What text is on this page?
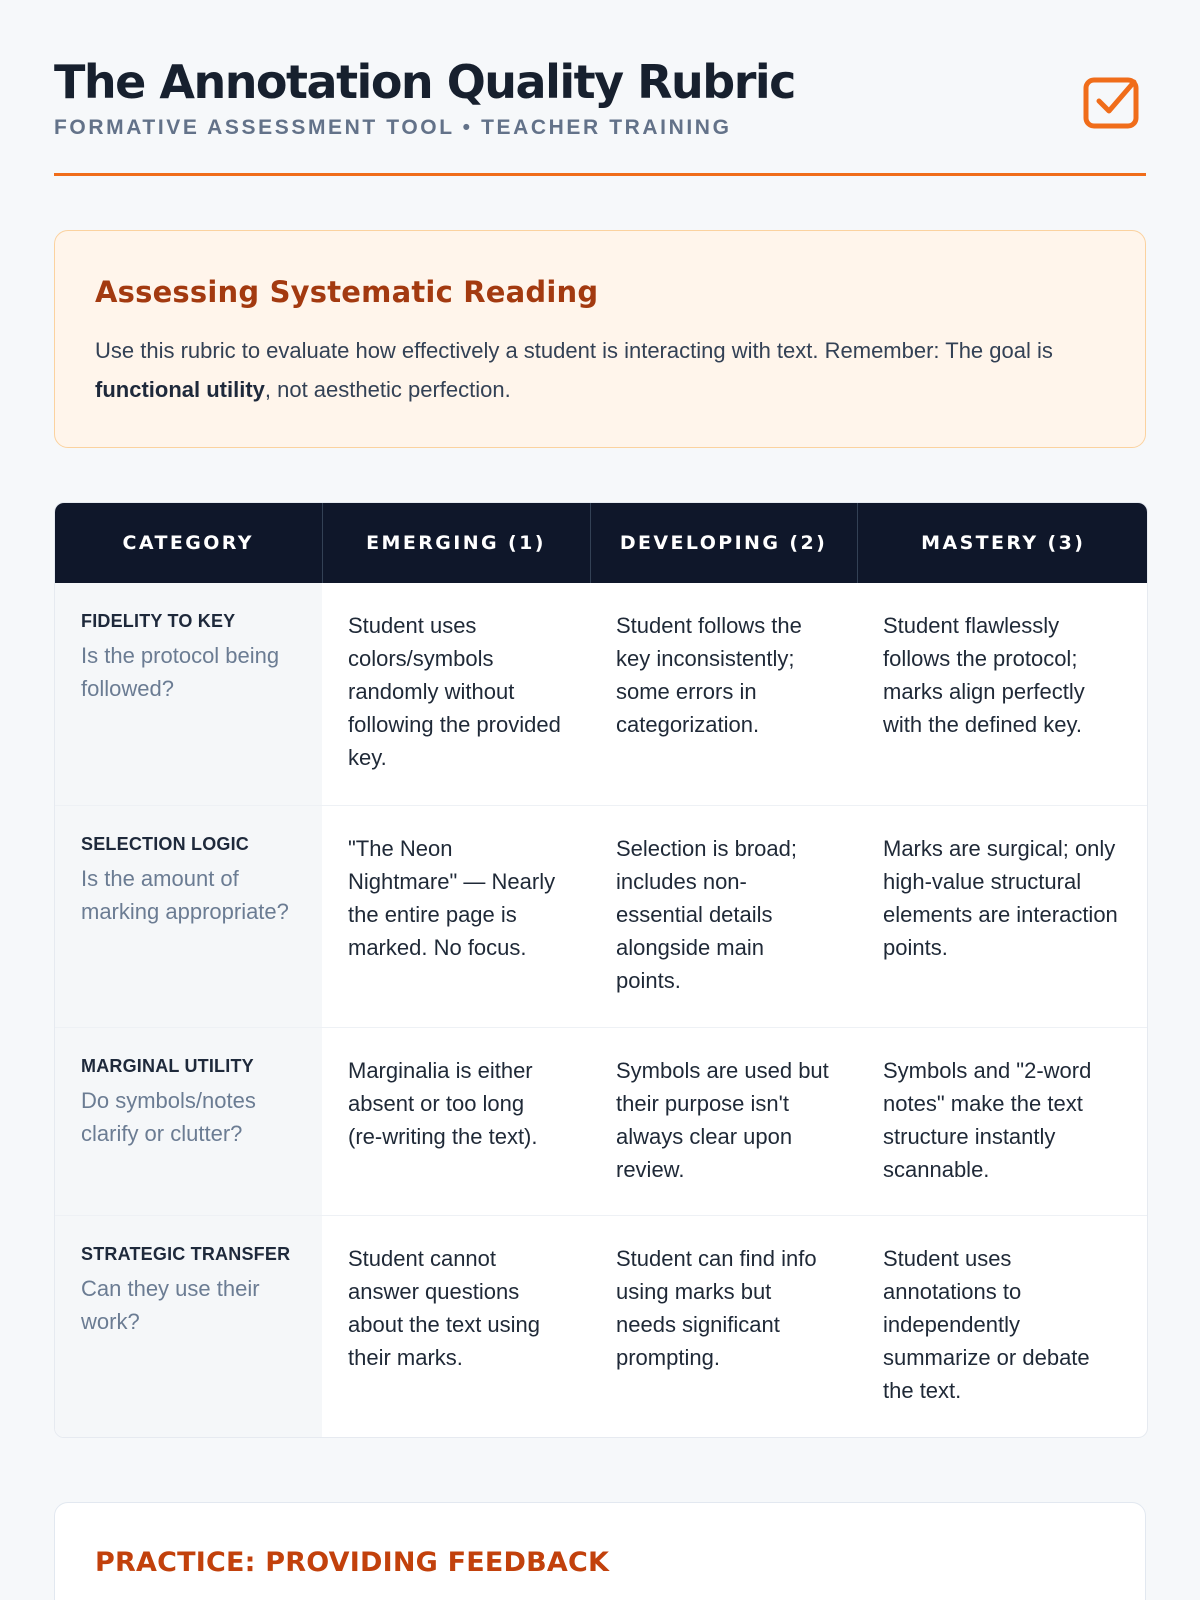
The Annotation Quality Rubric
FORMATIVE ASSESSMENT TOOL • TEACHER TRAINING
Assessing Systematic Reading

Use this rubric to evaluate how effectively a student is interacting with text. Remember: The goal is functional utility, not aesthetic perfection.

CATEGORY	EMERGING (1)	DEVELOPING (2)	MASTERY (3)

FIDELITY TO KEY
Is the protocol being followed?	Student uses colors/symbols randomly without following the provided key.	Student follows the key inconsistently; some errors in categorization.	Student flawlessly follows the protocol; marks align perfectly with the defined key.

SELECTION LOGIC
Is the amount of marking appropriate?	"The Neon Nightmare" — Nearly the entire page is marked. No focus.	Selection is broad; includes non-essential details alongside main points.	Marks are surgical; only high-value structural elements are interaction points.

MARGINAL UTILITY
Do symbols/notes clarify or clutter?	Marginalia is either absent or too long (re-writing the text).	Symbols are used but their purpose isn't always clear upon review.	Symbols and "2-word notes" make the text structure instantly scannable.

STRATEGIC TRANSFER
Can they use their work?	Student cannot answer questions about the text using their marks.	Student can find info using marks but needs significant prompting.	Student uses annotations to independently summarize or debate the text.
PRACTICE: PROVIDING FEEDBACK
